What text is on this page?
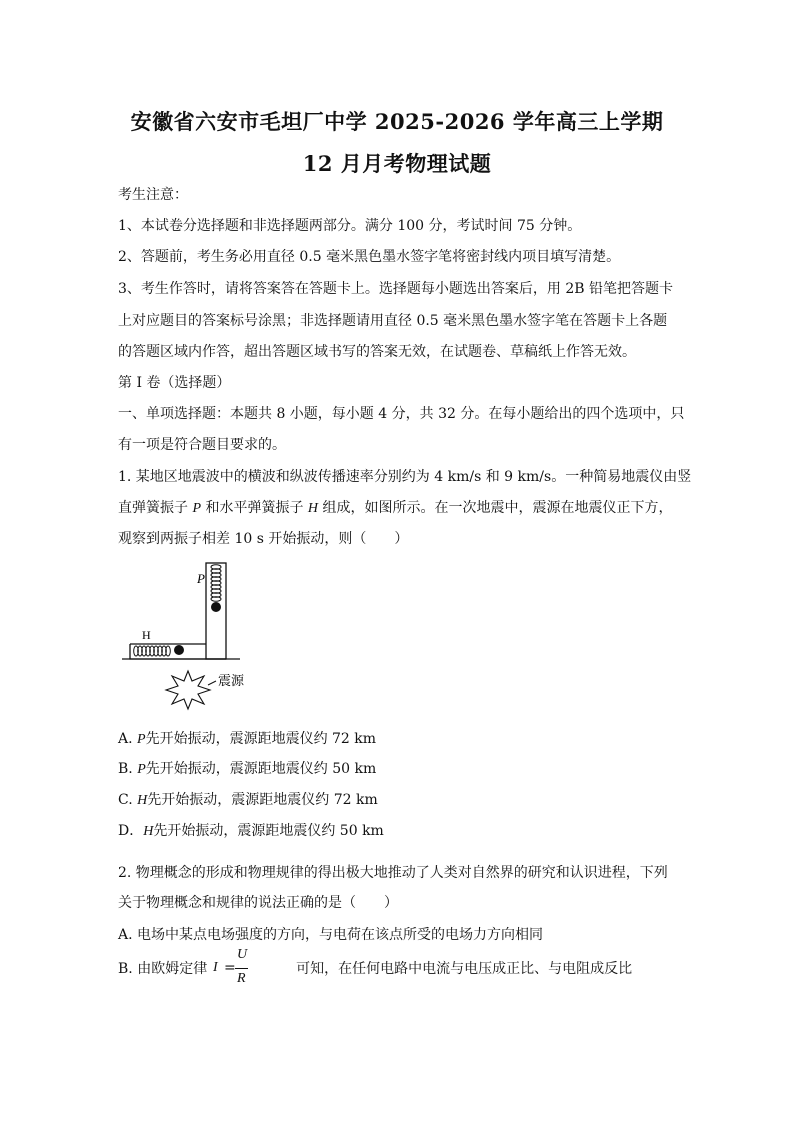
安徽省六安市毛坦厂中学 2025-2026 学年高三上学期
12 月月考物理试题
考生注意：
1、本试卷分选择题和非选择题两部分。满分 100 分，考试时间 75 分钟。
2、答题前，考生务必用直径 0.5 毫米黑色墨水签字笔将密封线内项目填写清楚。
3、考生作答时，请将答案答在答题卡上。选择题每小题选出答案后，用 2B 铅笔把答题卡
上对应题目的答案标号涂黑；非选择题请用直径 0.5 毫米黑色墨水签字笔在答题卡上各题
的答题区域内作答，超出答题区域书写的答案无效，在试题卷、草稿纸上作答无效。
第 I 卷（选择题）
一、单项选择题：本题共 8 小题，每小题 4 分，共 32 分。在每小题给出的四个选项中，只
有一项是符合题目要求的。
1. 某地区地震波中的横波和纵波传播速率分别约为 4 km/s 和 9 km/s。一种简易地震仪由竖
直弹簧振子 P 和水平弹簧振子 H 组成，如图所示。在一次地震中，震源在地震仪正下方，
观察到两振子相差 10 s 开始振动，则（　　）
P
H
震源
A. P先开始振动，震源距地震仪约 72 km
B. P先开始振动，震源距地震仪约 50 km
C. H先开始振动，震源距地震仪约 72 km
D．H先开始振动，震源距地震仪约 50 km
2. 物理概念的形成和物理规律的得出极大地推动了人类对自然界的研究和认识进程，下列
关于物理概念和规律的说法正确的是（　　）
A. 电场中某点电场强度的方向，与电荷在该点所受的电场力方向相同
B. 由欧姆定律	可知，在任何电路中电流与电压成正比、与电阻成反比
I =
U
R
